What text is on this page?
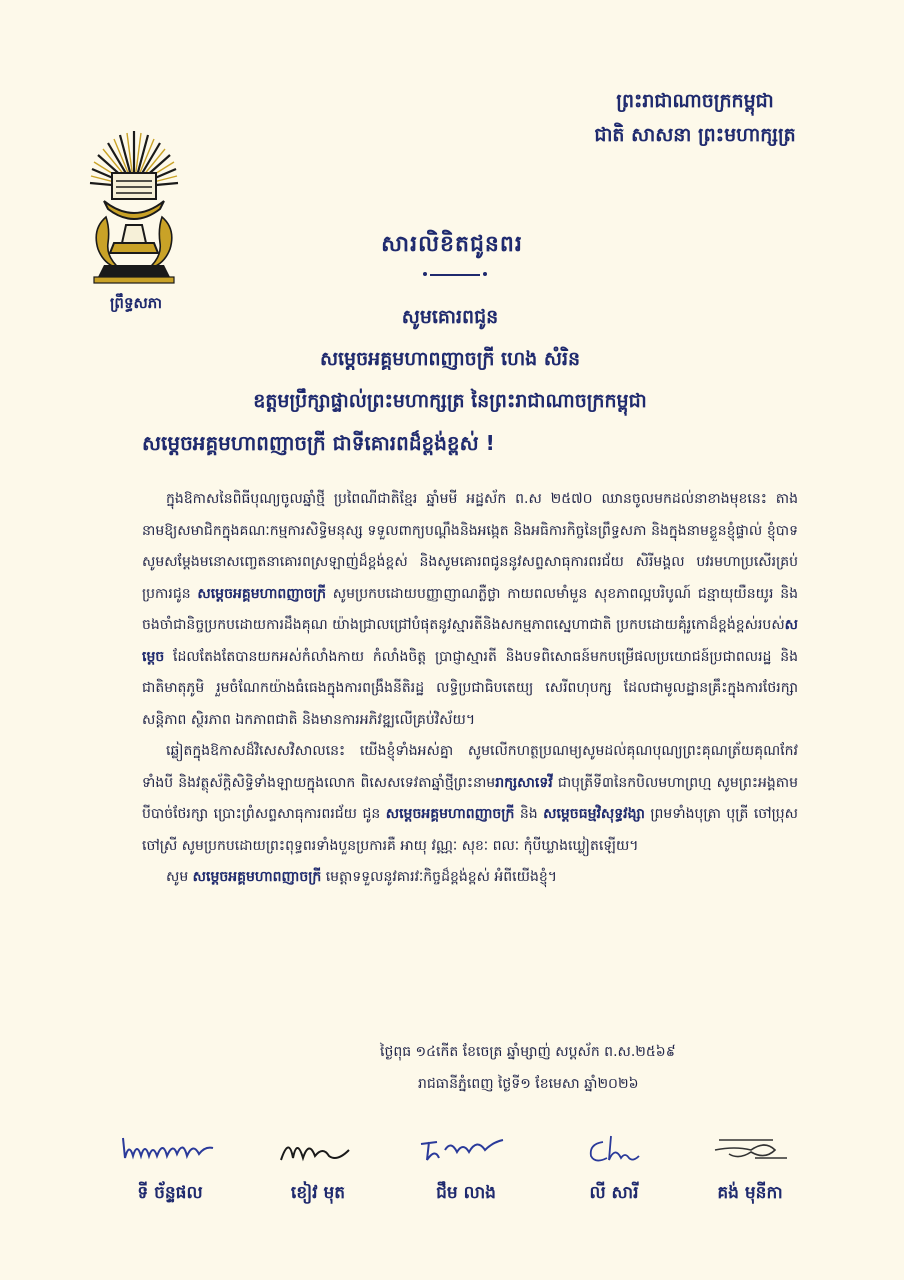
ព្រះរាជាណាចក្រកម្ពុជា
ជាតិ សាសនា ព្រះមហាក្សត្រ
ព្រឹទ្ធសភា
សារលិខិតជូនពរ
សូមគោរពជូន
សម្តេចអគ្គមហាពញាចក្រី ហេង សំរិន
ឧត្តមប្រឹក្សាផ្ទាល់ព្រះមហាក្សត្រ នៃព្រះរាជាណាចក្រកម្ពុជា
សម្តេចអគ្គមហាពញាចក្រី ជាទីគោរពដ៏ខ្ពង់ខ្ពស់ !

ក្នុងឱកាសនៃពិធីបុណ្យចូលឆ្នាំថ្មី ប្រពៃណីជាតិខ្មែរ ឆ្នាំមមី អដ្ឋស័ក ព.ស ២៥៧០ ឈានចូលមកដល់នាខាងមុខនេះ តាងនាមឱ្យសមាជិកក្នុងគណៈកម្មការសិទ្ធិមនុស្ស ទទួលពាក្យបណ្តឹងនិងអង្កេត និងអធិការកិច្ចនៃព្រឹទ្ធសភា និងក្នុងនាមខ្លួនខ្ញុំផ្ទាល់ ខ្ញុំបាទសូមសម្តែងមនោសញ្ចេតនាគោរពស្រឡាញ់ដ៏ខ្ពង់ខ្ពស់ និងសូមគោរពជូននូវសព្ទសាធុការពរជ័យ សិរីមង្គល បវរមហាប្រសើរគ្រប់ប្រការជូន សម្តេចអគ្គមហាពញាចក្រី សូមប្រកបដោយបញ្ញាញាណភ្លឺថ្លា កាយពលមាំមួន សុខភាពល្អបរិបូណ៍ ជន្មាយុយឺនយូរ និងចងចាំជានិច្ចប្រកបដោយការដឹងគុណ យ៉ាងជ្រាលជ្រៅបំផុតនូវស្មារតីនិងសកម្មភាពស្នេហាជាតិ ប្រកបដោយគុំរូកោដ៏ខ្ពង់ខ្ពស់របស់សម្តេច ដែលតែងតែបានយកអស់កំលាំងកាយ កំលាំងចិត្ត ប្រាជ្ញាស្មារតី និងបទពិសោធន៍មកបម្រើផលប្រយោជន៍ប្រជាពលរដ្ឋ និងជាតិមាតុភូមិ រួមចំណែកយ៉ាងធំធេងក្នុងការពង្រឹងនីតិរដ្ឋ លទ្ធិប្រជាធិបតេយ្យ សេរីពហុបក្ស ដែលជាមូលដ្ឋានគ្រឹះក្នុងការថែរក្សាសន្តិភាព ស្ថិរភាព ឯកភាពជាតិ និងមានការអភិវឌ្ឍលើគ្រប់វិស័យ។

ឆ្លៀតក្នុងឱកាសដ៏វិសេសវិសាលនេះ យើងខ្ញុំទាំងអស់គ្នា សូមលើកហត្ថប្រណម្យសូមដល់គុណបុណ្យព្រះគុណត្រ័យគុណកែវទាំងបី និងវត្ថុស័ក្តិសិទ្ធិទាំងឡាយក្នុងលោក ពិសេសទេវតាឆ្នាំថ្មីព្រះនាមរាក្សសាទេវី ជាបុត្រីទី៣នៃកបិលមហាព្រហ្ម សូមព្រះអង្គតាមបីបាច់ថែរក្សា ប្រោះព្រំសព្ទសាធុការពរជ័យ ជូន សម្តេចអគ្គមហាពញាចក្រី និង សម្តេចធម្មវិសុទ្ធវង្សា ព្រមទាំងបុត្រា បុត្រី ចៅប្រុស ចៅស្រី សូមប្រកបដោយព្រះពុទ្ធពរទាំងបួនប្រការគឺ អាយុ វណ្ណៈ សុខៈ ពលៈ កុំបីឃ្លាងឃ្លៀតឡើយ។

សូម សម្តេចអគ្គមហាពញាចក្រី មេត្តាទទួលនូវគារវៈកិច្ចដ៏ខ្ពង់ខ្ពស់ អំពីយើងខ្ញុំ។

ថ្ងៃពុធ ១៤កើត ខែចេត្រ ឆ្នាំម្សាញ់ សប្តស័ក ព.ស.២៥៦៩
រាជធានីភ្នំពេញ ថ្ងៃទី១ ខែមេសា ឆ្នាំ២០២៦
ទី ច័ន្ទផល	ខៀវ មុត	ជឹម លាង	លី សារី	គង់ មុនីកា
